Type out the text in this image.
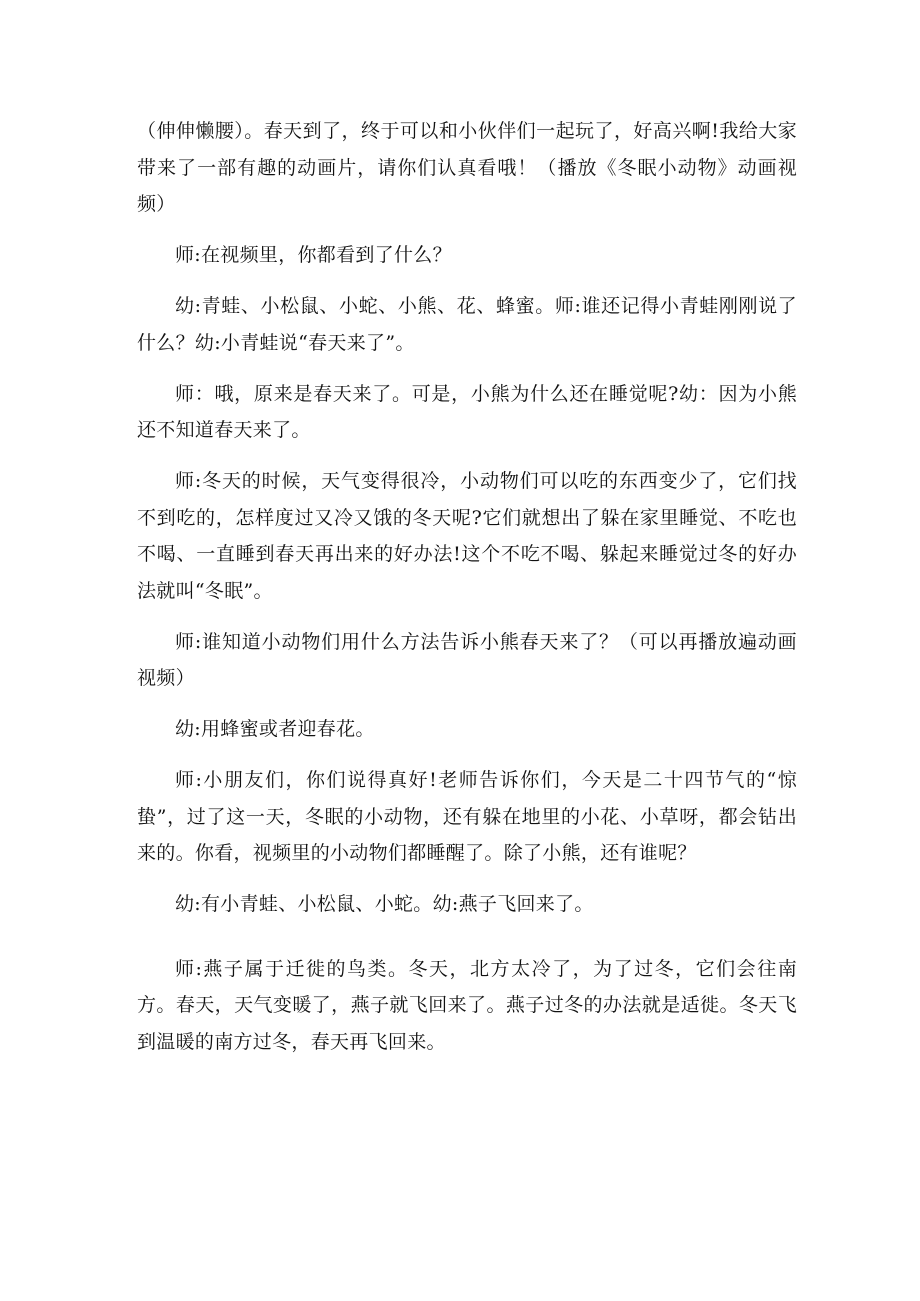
（伸伸懒腰）。春天到了，终于可以和小伙伴们一起玩了，好高兴啊!我给大家带来了一部有趣的动画片，请你们认真看哦！（播放《冬眠小动物》动画视频）

师:在视频里，你都看到了什么？

幼:青蛙、小松鼠、小蛇、小熊、花、蜂蜜。师:谁还记得小青蛙刚刚说了什么？幼:小青蛙说“春天来了”。

师：哦，原来是春天来了。可是，小熊为什么还在睡觉呢?幼：因为小熊还不知道春天来了。

师:冬天的时候，天气变得很冷，小动物们可以吃的东西变少了，它们找不到吃的，怎样度过又冷又饿的冬天呢?它们就想出了躲在家里睡觉、不吃也不喝、一直睡到春天再出来的好办法!这个不吃不喝、躲起来睡觉过冬的好办法就叫“冬眠”。

师:谁知道小动物们用什么方法告诉小熊春天来了？（可以再播放遍动画视频）

幼:用蜂蜜或者迎春花。

师:小朋友们，你们说得真好!老师告诉你们，今天是二十四节气的“惊蛰”，过了这一天，冬眠的小动物，还有躲在地里的小花、小草呀，都会钻出来的。你看，视频里的小动物们都睡醒了。除了小熊，还有谁呢？

幼:有小青蛙、小松鼠、小蛇。幼:燕子飞回来了。

师:燕子属于迁徙的鸟类。冬天，北方太冷了，为了过冬，它们会往南方。春天，天气变暖了，燕子就飞回来了。燕子过冬的办法就是适徙。冬天飞到温暖的南方过冬，春天再飞回来。
